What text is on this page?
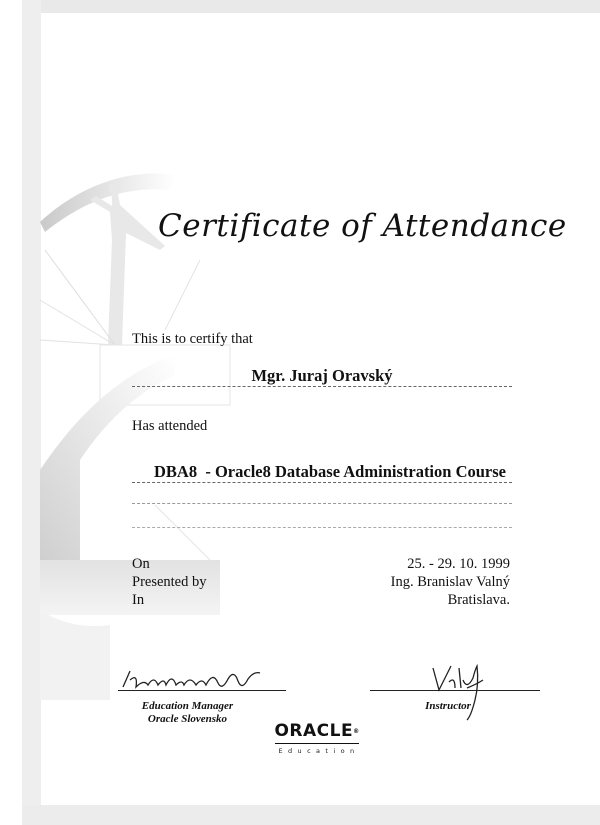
Certificate of Attendance
This is to certify that
Mgr. Juraj Oravský
Has attended
DBA8  - Oracle8 Database Administration Course
On
Presented by
In
25. - 29. 10. 1999
Ing. Branislav Valný
Bratislava.
Education Manager
Oracle Slovensko
Instructor
ORACLE®
Education
